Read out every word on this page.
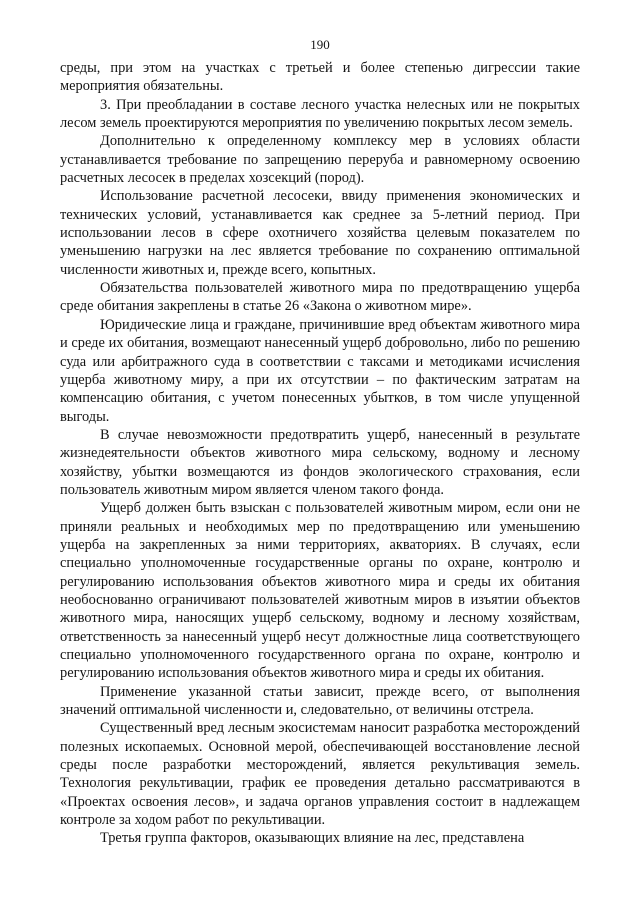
190

среды, при этом на участках с третьей и более степенью дигрессии такие мероприятия обязательны.

3. При преобладании в составе лесного участка нелесных или не покрытых лесом земель проектируются мероприятия по увеличению покрытых лесом земель.

Дополнительно к определенному комплексу мер в условиях области устанавливается требование по запрещению переруба и равномерному освоению расчетных лесосек в пределах хозсекций (пород).

Использование расчетной лесосеки, ввиду применения экономических и технических условий, устанавливается как среднее за 5-летний период. При использовании лесов в сфере охотничего хозяйства целевым показателем по уменьшению нагрузки на лес является требование по сохранению оптимальной численности животных и, прежде всего, копытных.

Обязательства пользователей животного мира по предотвращению ущерба среде обитания закреплены в статье 26 «Закона о животном мире».

Юридические лица и граждане, причинившие вред объектам животного мира и среде их обитания, возмещают нанесенный ущерб добровольно, либо по решению суда или арбитражного суда в соответствии с таксами и методиками исчисления ущерба животному миру, а при их отсутствии – по фактическим затратам на компенсацию обитания, с учетом понесенных убытков, в том числе упущенной выгоды.

В случае невозможности предотвратить ущерб, нанесенный в результате жизнедеятельности объектов животного мира сельскому, водному и лесному хозяйству, убытки возмещаются из фондов экологического страхования, если пользователь животным миром является членом такого фонда.

Ущерб должен быть взыскан с пользователей животным миром, если они не приняли реальных и необходимых мер по предотвращению или уменьшению ущерба на закрепленных за ними территориях, акваториях. В случаях, если специально уполномоченные государственные органы по охране, контролю и регулированию использования объектов животного мира и среды их обитания необоснованно ограничивают пользователей животным миров в изъятии объектов животного мира, наносящих ущерб сельскому, водному и лесному хозяйствам, ответственность за нанесенный ущерб несут должностные лица соответствующего специально уполномоченного государственного органа по охране, контролю и регулированию использования объектов животного мира и среды их обитания.

Применение указанной статьи зависит, прежде всего, от выполнения значений оптимальной численности и, следовательно, от величины отстрела.

Существенный вред лесным экосистемам наносит разработка месторождений полезных ископаемых. Основной мерой, обеспечивающей восстановление лесной среды после разработки месторождений, является рекультивация земель. Технология рекультивации, график ее проведения детально рассматриваются в «Проектах освоения лесов», и задача органов управления состоит в надлежащем контроле за ходом работ по рекультивации.

Третья группа факторов, оказывающих влияние на лес, представлена
